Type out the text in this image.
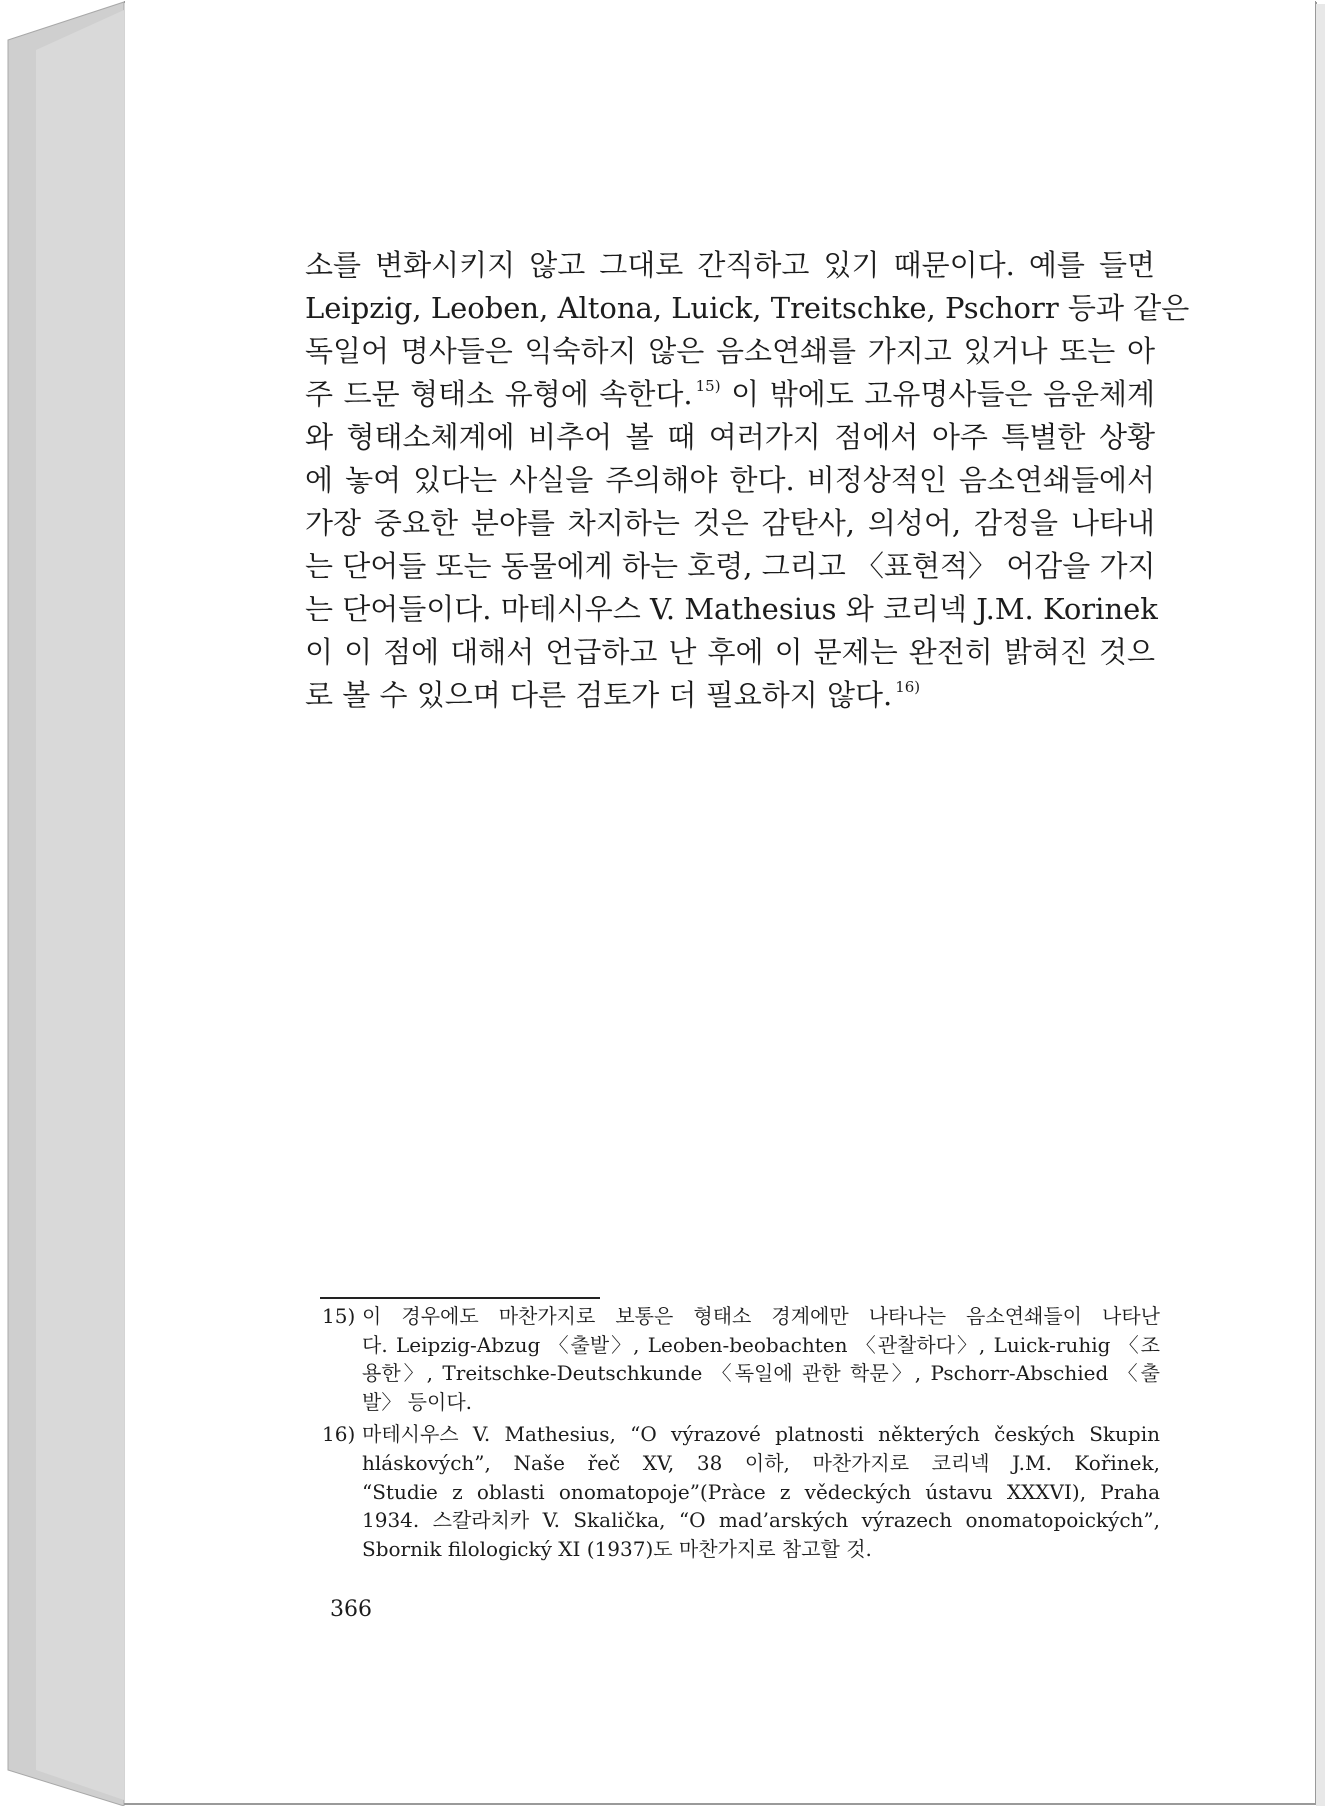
소를 변화시키지 않고 그대로 간직하고 있기 때문이다. 예를 들면
Leipzig, Leoben, Altona, Luick, Treitschke, Pschorr 등과 같은
독일어 명사들은 익숙하지 않은 음소연쇄를 가지고 있거나 또는 아
주 드문 형태소 유형에 속한다. $^{15)}$ 이 밖에도 고유명사들은 음운체계
와 형태소체계에 비추어 볼 때 여러가지 점에서 아주 특별한 상황
에 놓여 있다는 사실을 주의해야 한다. 비정상적인 음소연쇄들에서
가장 중요한 분야를 차지하는 것은 감탄사, 의성어, 감정을 나타내
는 단어들 또는 동물에게 하는 호령, 그리고 〈표현적〉 어감을 가지
는 단어들이다. 마테시우스 V. Mathesius 와 코리넥 J.M. Korinek
이 이 점에 대해서 언급하고 난 후에 이 문제는 완전히 밝혀진 것으
로 볼 수 있으며 다른 검토가 더 필요하지 않다. $^{16)}$
15) 이 경우에도 마찬가지로 보통은 형태소 경계에만 나타나는 음소연쇄들이 나타난
다. Leipzig-Abzug 〈출발〉, Leoben-beobachten 〈관찰하다〉, Luick-ruhig 〈조
용한〉, Treitschke-Deutschkunde 〈독일에 관한 학문〉, Pschorr-Abschied 〈출
발〉 등이다.
16) 마테시우스 V. Mathesius, “O výrazové platnosti některých českých Skupin
hláskových”, Naše řeč XV, 38 이하, 마찬가지로 코리넥 J.M. Kořinek,
“Studie z oblasti onomatopoje”(Pràce z vědeckých ústavu XXXVI), Praha
1934. 스칼라치카 V. Skalička, “O mad’arských výrazech onomatopoických”,
Sbornik filologický XI (1937)도 마찬가지로 참고할 것.
366
